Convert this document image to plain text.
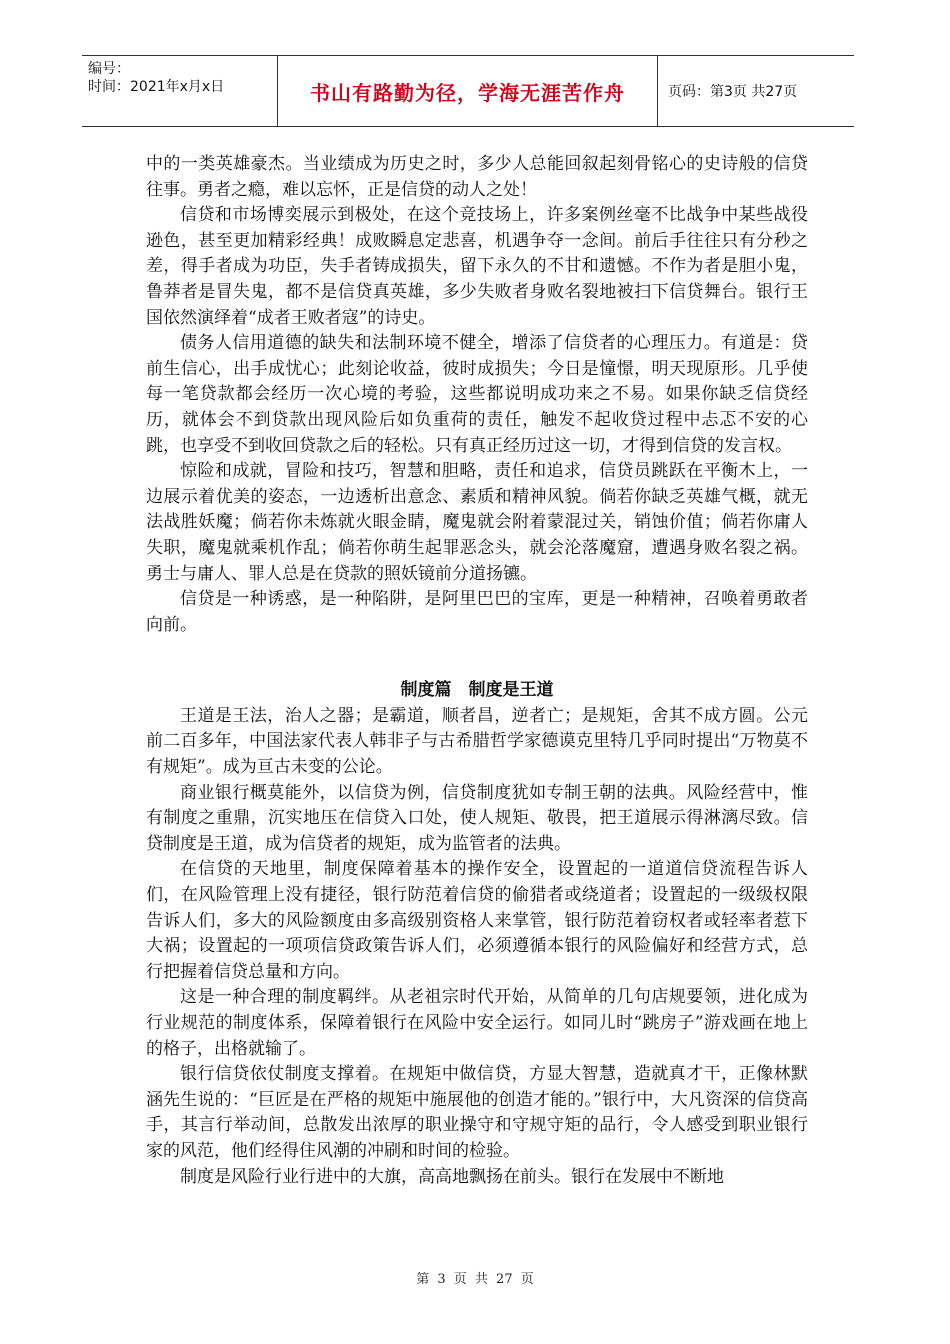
编号：
时间：2021年x月x日	书山有路勤为径，学海无涯苦作舟	页码：第3页 共27页

中的一类英雄豪杰。当业绩成为历史之时，多少人总能回叙起刻骨铭心的史诗般的信贷往事。勇者之瘾，难以忘怀，正是信贷的动人之处！

信贷和市场博奕展示到极处，在这个竞技场上，许多案例丝毫不比战争中某些战役逊色，甚至更加精彩经典！成败瞬息定悲喜，机遇争夺一念间。前后手往往只有分秒之差，得手者成为功臣，失手者铸成损失，留下永久的不甘和遗憾。不作为者是胆小鬼，鲁莽者是冒失鬼，都不是信贷真英雄，多少失败者身败名裂地被扫下信贷舞台。银行王国依然演绎着“成者王败者寇”的诗史。

债务人信用道德的缺失和法制环境不健全，增添了信贷者的心理压力。有道是：贷前生信心，出手成忧心；此刻论收益，彼时成损失；今日是憧憬，明天现原形。几乎使每一笔贷款都会经历一次心境的考验，这些都说明成功来之不易。如果你缺乏信贷经历，就体会不到贷款出现风险后如负重荷的责任，触发不起收贷过程中忐忑不安的心跳，也享受不到收回贷款之后的轻松。只有真正经历过这一切，才得到信贷的发言权。

惊险和成就，冒险和技巧，智慧和胆略，责任和追求，信贷员跳跃在平衡木上，一边展示着优美的姿态，一边透析出意念、素质和精神风貌。倘若你缺乏英雄气概，就无法战胜妖魔；倘若你未炼就火眼金睛，魔鬼就会附着蒙混过关，销蚀价值；倘若你庸人失职，魔鬼就乘机作乱；倘若你萌生起罪恶念头，就会沦落魔窟，遭遇身败名裂之祸。勇士与庸人、罪人总是在贷款的照妖镜前分道扬镳。

信贷是一种诱惑，是一种陷阱，是阿里巴巴的宝库，更是一种精神，召唤着勇敢者向前。

制度篇　制度是王道

王道是王法，治人之器；是霸道，顺者昌，逆者亡；是规矩，舍其不成方圆。公元前二百多年，中国法家代表人韩非子与古希腊哲学家德谟克里特几乎同时提出“万物莫不有规矩”。成为亘古未变的公论。

商业银行概莫能外，以信贷为例，信贷制度犹如专制王朝的法典。风险经营中，惟有制度之重鼎，沉实地压在信贷入口处，使人规矩、敬畏，把王道展示得淋漓尽致。信贷制度是王道，成为信贷者的规矩，成为监管者的法典。

在信贷的天地里，制度保障着基本的操作安全，设置起的一道道信贷流程告诉人们，在风险管理上没有捷径，银行防范着信贷的偷猎者或绕道者；设置起的一级级权限告诉人们，多大的风险额度由多高级别资格人来掌管，银行防范着窃权者或轻率者惹下大祸；设置起的一项项信贷政策告诉人们，必须遵循本银行的风险偏好和经营方式，总行把握着信贷总量和方向。

这是一种合理的制度羁绊。从老祖宗时代开始，从简单的几句店规要领，进化成为行业规范的制度体系，保障着银行在风险中安全运行。如同儿时“跳房子”游戏画在地上的格子，出格就输了。

银行信贷依仗制度支撑着。在规矩中做信贷，方显大智慧，造就真才干，正像林默涵先生说的：“巨匠是在严格的规矩中施展他的创造才能的。”银行中，大凡资深的信贷高手，其言行举动间，总散发出浓厚的职业操守和守规守矩的品行，令人感受到职业银行家的风范，他们经得住风潮的冲刷和时间的检验。

制度是风险行业行进中的大旗，高高地飘扬在前头。银行在发展中不断地

第 3 页 共 27 页
